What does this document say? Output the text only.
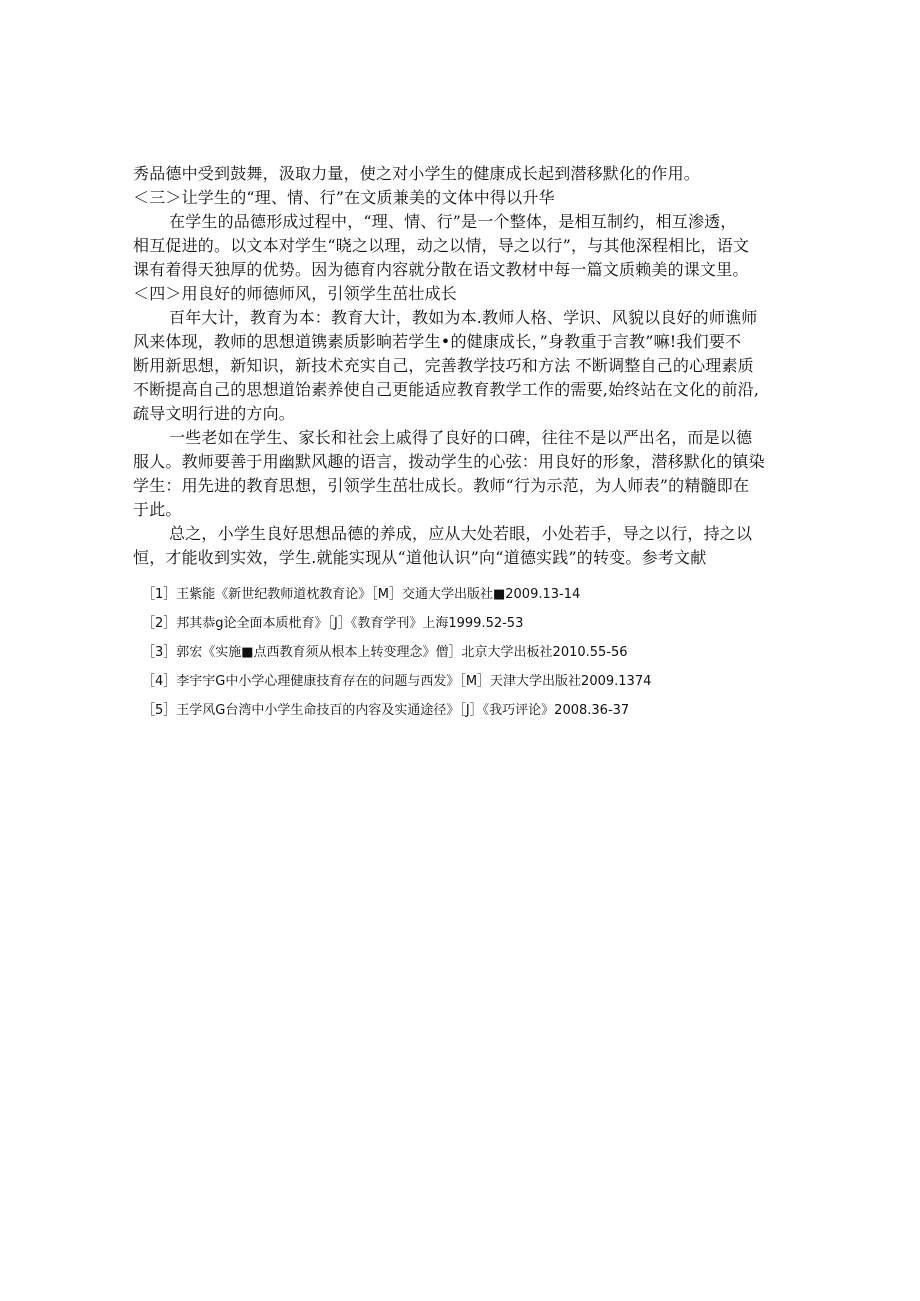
秀品德中受到鼓舞，汲取力量，使之对小学生的健康成长起到潜移默化的作用。

＜三＞让学生的“理、情、行”在文质兼美的文体中得以升华

在学生的品德形成过程中，“理、情、行”是一个整体，是相互制约，相互渗透，

相互促进的。以文本对学生“晓之以理，动之以情，导之以行”，与其他深程相比，语文

课有着得天独厚的优势。因为德育内容就分散在语文教材中每一篇文质赖美的课文里。

＜四＞用良好的师德师风，引领学生茁壮成长

百年大计，教育为本：教育大计，教如为本.教师人格、学识、风貌以良好的师谯师

风来体现，教师的思想道镌素质影晌若学生•的健康成长，”身教重于言教”嘛!我们要不

断用新思想，新知识，新技术充实自己，完善教学技巧和方法 不断调整自己的心理素质

不断提高自己的思想道饴素养使自己更能适应教育教学工作的需要,始终站在文化的前沿,

疏导文明行进的方向。

一些老如在学生、家长和社会上戚得了良好的口碑，往往不是以严出名，而是以德

服人。教师要善于用幽默风趣的语言，拨动学生的心弦：用良好的形象，潜移默化的镇染

学生：用先进的教育思想，引领学生茁壮成长。教师“行为示范，为人师表”的精髓即在

于此。

总之，小学生良好思想品德的养成，应从大处若眼，小处若手，导之以行，持之以

恒，才能收到实效，学生.就能实现从“道他认识”向“道德实践”的转变。参考文献

［1］王紫能《新世纪教师道枕教育论》［M］交通大学出版社■2009.13-14

［2］邦其恭g论全面本质枇育》［J］《教育学刊》上海1999.52-53

［3］郭宏《实施■点西教育须从根本上转变理念》僧］北京大学出板社2010.55-56

［4］李宇宇G中小学心理健康技育存在的问题与西发》［M］天津大学出版社2009.1374

［5］王学风G台湾中小学生命技百的内容及实通途径》［J］《我巧评论》2008.36-37
